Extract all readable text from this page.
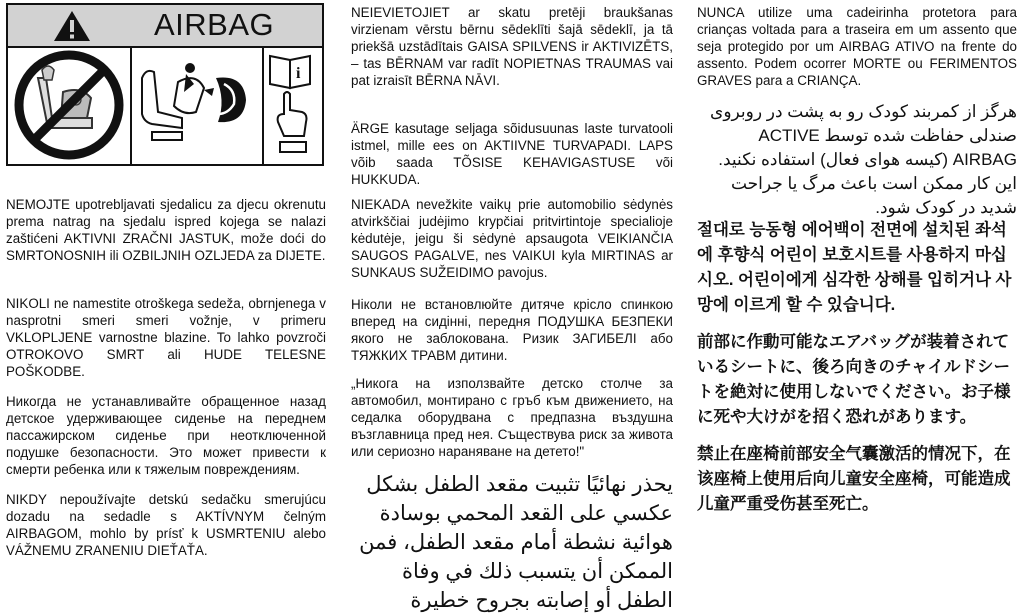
AIRBAG
i

NEMOJTE upotrebljavati sjedalicu za djecu okrenutu prema natrag na sjedalu ispred kojega se nalazi zaštićeni AKTIVNI ZRAČNI JASTUK, može doći do SMRTONOSNIH ili OZBILJNIH OZLJEDA za DIJETE.

NIKOLI ne namestite otroškega sedeža, obrnjenega v nasprotni smeri smeri vožnje, v primeru VKLOPLJENE varnostne blazine. To lahko povzroči OTROKOVO SMRT ali HUDE TELESNE POŠKODBE.

Никогда не устанавливайте обращенное назад детское удерживающее сиденье на переднем пассажирском сиденье при неотключенной подушке безопасности. Это может привести к смерти ребенка или к тяжелым повреждениям.

NIKDY nepoužívajte detskú sedačku smerujúcu dozadu na sedadle s AKTÍVNYM čelným AIRBAGOM, mohlo by prísť k USMRTENIU alebo VÁŽNEMU ZRANENIU DIEŤAŤA.

NEIEVIETOJIET ar skatu pretēji braukšanas virzienam vērstu bērnu sēdeklīti šajā sēdeklī, ja tā priekšā uzstādītais GAISA SPILVENS ir AKTIVIZĒTS, – tas BĒRNAM var radīt NOPIETNAS TRAUMAS vai pat izraisīt BĒRNA NĀVI.

ÄRGE kasutage seljaga sõidusuunas laste turvatooli istmel, mille ees on AKTIIVNE TURVAPADI. LAPS võib saada TÕSISE KEHAVIGASTUSE või HUKKUDA.

NIEKADA nevežkite vaikų prie automobilio sėdynės atvirkščiai judėjimo krypčiai pritvirtintoje specialioje kėdutėje, jeigu ši sėdynė apsaugota VEIKIANČIA SAUGOS PAGALVE, nes VAIKUI kyla MIRTINAS ar SUNKAUS SUŽEIDIMO pavojus.

Ніколи не встановлюйте дитяче крісло спинкою вперед на сидінні, передня ПОДУШКА БЕЗПЕКИ якого не заблокована. Ризик ЗАГИБЕЛІ або ТЯЖКИХ ТРАВМ дитини.

„Никога на използвайте детско столче за автомобил, монтирано с гръб към движението, на седалка оборудвана с предпазна въздушна възглавница пред нея. Съществува риск за живота или сериозно нараняване на детето!"

يحذر نهائيًا تثبيت مقعد الطفل بشكل عكسي على القعد المحمي بوسادة هوائية نشطة أمام مقعد الطفل، فمن الممكن أن يتسبب ذلك في وفاة الطفل أو إصابته بجروح خطيرة

NUNCA utilize uma cadeirinha protetora para crianças voltada para a traseira em um assento que seja protegido por um AIRBAG ATIVO na frente do assento. Podem ocorrer MORTE ou FERIMENTOS GRAVES para a CRIANÇA.

هرگز از کمربند کودک رو به پشت در روبروی صندلی حفاظت شده توسط ACTIVE AIRBAG (کیسه هوای فعال) استفاده نکنید. این کار ممکن است باعث مرگ یا جراحت شدید در کودک شود.

절대로 능동형 에어백이 전면에 설치된 좌석에 후향식 어린이 보호시트를 사용하지 마십시오. 어린이에게 심각한 상해를 입히거나 사망에 이르게 할 수 있습니다.

前部に作動可能なエアバッグが装着されているシートに、後ろ向きのチャイルドシートを絶対に使用しないでください。お子様に死や大けがを招く恐れがあります。

禁止在座椅前部安全气囊激活的情况下，在该座椅上使用后向儿童安全座椅，可能造成儿童严重受伤甚至死亡。
